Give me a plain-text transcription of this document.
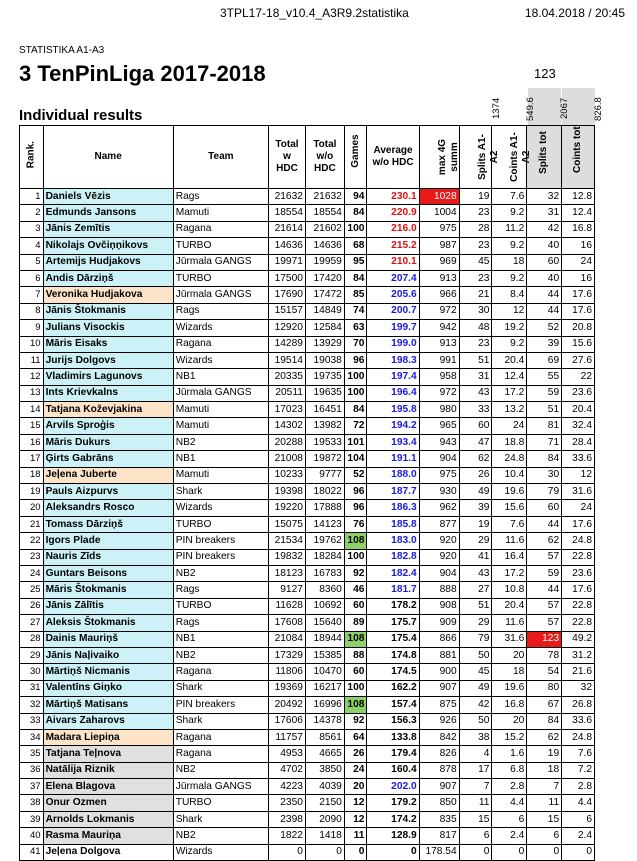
3TPL17-18_v10.4_A3R9.2statistika	18.04.2018 / 20:45
STATISTIKA A1-A3
3 TenPinLiga 2017-2018
Individual results
123
1374 549.6 2067 826.8
Rank.	Name	Team	Total w HDC	Total w/o HDC	Games	Average w/o HDC	max 4G summ	Splits A1-A2	Coints A1-A2	Splits tot	Coints tot

1	Daniels Vēzis	Rags	21632	21632	94	230.1	1028	19	7.6	32	12.8
2	Edmunds Jansons	Mamuti	18554	18554	84	220.9	1004	23	9.2	31	12.4
3	Jānis Zemītis	Ragana	21614	21602	100	216.0	975	28	11.2	42	16.8
4	Nikolajs Ovčiņņikovs	TURBO	14636	14636	68	215.2	987	23	9.2	40	16
5	Artemijs Hudjakovs	Jūrmala GANGS	19971	19959	95	210.1	969	45	18	60	24
6	Andis Dārziņš	TURBO	17500	17420	84	207.4	913	23	9.2	40	16
7	Veronika Hudjakova	Jūrmala GANGS	17690	17472	85	205.6	966	21	8.4	44	17.6
8	Jānis Štokmanis	Rags	15157	14849	74	200.7	972	30	12	44	17.6
9	Julians Visockis	Wizards	12920	12584	63	199.7	942	48	19.2	52	20.8
10	Māris Eisaks	Ragana	14289	13929	70	199.0	913	23	9.2	39	15.6
11	Jurijs Dolgovs	Wizards	19514	19038	96	198.3	991	51	20.4	69	27.6
12	Vladimirs Lagunovs	NB1	20335	19735	100	197.4	958	31	12.4	55	22
13	Ints Krievkalns	Jūrmala GANGS	20511	19635	100	196.4	972	43	17.2	59	23.6
14	Tatjana Koževjakina	Mamuti	17023	16451	84	195.8	980	33	13.2	51	20.4
15	Arvils Sproģis	Mamuti	14302	13982	72	194.2	965	60	24	81	32.4
16	Māris Dukurs	NB2	20288	19533	101	193.4	943	47	18.8	71	28.4
17	Ģirts Gabrāns	NB1	21008	19872	104	191.1	904	62	24.8	84	33.6
18	Jeļena Juberte	Mamuti	10233	9777	52	188.0	975	26	10.4	30	12
19	Pauls Aizpurvs	Shark	19398	18022	96	187.7	930	49	19.6	79	31.6
20	Aleksandrs Rosco	Wizards	19220	17888	96	186.3	962	39	15.6	60	24
21	Tomass Dārziņš	TURBO	15075	14123	76	185.8	877	19	7.6	44	17.6
22	Igors Plade	PIN breakers	21534	19762	108	183.0	920	29	11.6	62	24.8
23	Nauris Zīds	PIN breakers	19832	18284	100	182.8	920	41	16.4	57	22.8
24	Guntars Beisons	NB2	18123	16783	92	182.4	904	43	17.2	59	23.6
25	Māris Štokmanis	Rags	9127	8360	46	181.7	888	27	10.8	44	17.6
26	Jānis Zālītis	TURBO	11628	10692	60	178.2	908	51	20.4	57	22.8
27	Aleksis Štokmanis	Rags	17608	15640	89	175.7	909	29	11.6	57	22.8
28	Dainis Mauriņš	NB1	21084	18944	108	175.4	866	79	31.6	123	49.2
29	Jānis Naļivaiko	NB2	17329	15385	88	174.8	881	50	20	78	31.2
30	Mārtiņš Nicmanis	Ragana	11806	10470	60	174.5	900	45	18	54	21.6
31	Valentīns Giņko	Shark	19369	16217	100	162.2	907	49	19.6	80	32
32	Mārtiņš Matisans	PIN breakers	20492	16996	108	157.4	875	42	16.8	67	26.8
33	Aivars Zaharovs	Shark	17606	14378	92	156.3	926	50	20	84	33.6
34	Madara Liepiņa	Ragana	11757	8561	64	133.8	842	38	15.2	62	24.8
35	Tatjana Teļnova	Ragana	4953	4665	26	179.4	826	4	1.6	19	7.6
36	Natālija Riznik	NB2	4702	3850	24	160.4	878	17	6.8	18	7.2
37	Elena Blagova	Jūrmala GANGS	4223	4039	20	202.0	907	7	2.8	7	2.8
38	Onur Ozmen	TURBO	2350	2150	12	179.2	850	11	4.4	11	4.4
39	Arnolds Lokmanis	Shark	2398	2090	12	174.2	835	15	6	15	6
40	Rasma Mauriņa	NB2	1822	1418	11	128.9	817	6	2.4	6	2.4
41	Jeļena Dolgova	Wizards	0	0	0	0	178.54	0	0	0	0
